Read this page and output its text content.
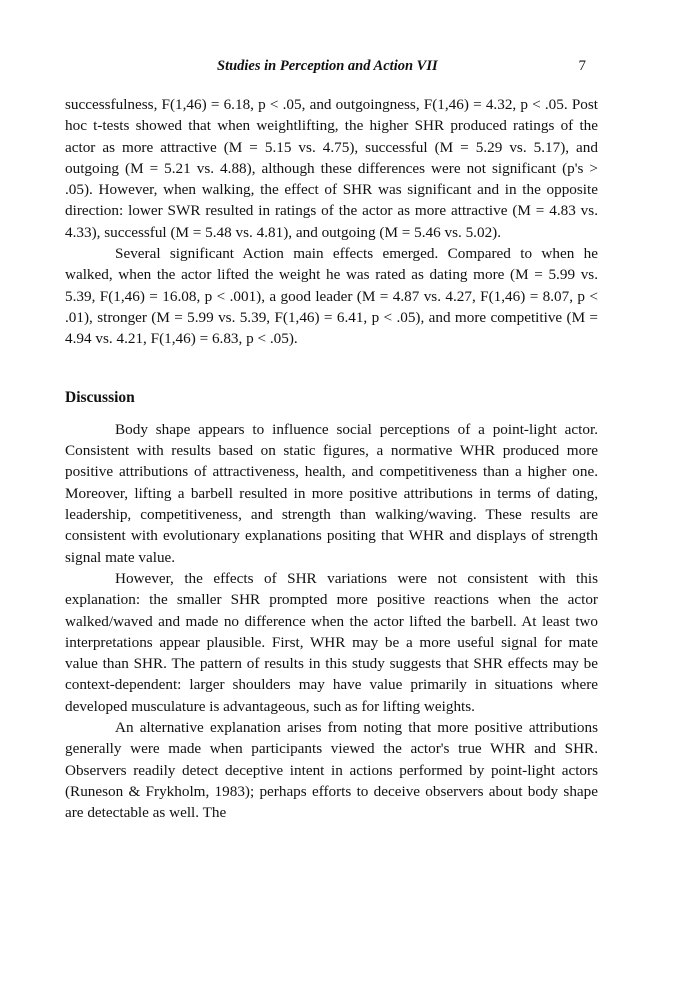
Studies in Perception and Action VII	7

successfulness, F(1,46) = 6.18, p < .05, and outgoingness, F(1,46) = 4.32, p < .05. Post hoc t-tests showed that when weightlifting, the higher SHR produced ratings of the actor as more attractive (M = 5.15 vs. 4.75), successful (M = 5.29 vs. 5.17), and outgoing (M = 5.21 vs. 4.88), although these differences were not significant (p's > .05). However, when walking, the effect of SHR was significant and in the opposite direction: lower SWR resulted in ratings of the actor as more attractive (M = 4.83 vs. 4.33), successful (M = 5.48 vs. 4.81), and outgoing (M = 5.46 vs. 5.02).

Several significant Action main effects emerged. Compared to when he walked, when the actor lifted the weight he was rated as dating more (M = 5.99 vs. 5.39, F(1,46) = 16.08, p < .001), a good leader (M = 4.87 vs. 4.27, F(1,46) = 8.07, p < .01), stronger (M = 5.99 vs. 5.39, F(1,46) = 6.41, p < .05), and more competitive (M = 4.94 vs. 4.21, F(1,46) = 6.83, p < .05).

Discussion

Body shape appears to influence social perceptions of a point-light actor. Consistent with results based on static figures, a normative WHR produced more positive attributions of attractiveness, health, and competitiveness than a higher one. Moreover, lifting a barbell resulted in more positive attributions in terms of dating, leadership, competitiveness, and strength than walking/waving. These results are consistent with evolutionary explanations positing that WHR and displays of strength signal mate value.

However, the effects of SHR variations were not consistent with this explanation: the smaller SHR prompted more positive reactions when the actor walked/waved and made no difference when the actor lifted the barbell. At least two interpretations appear plausible. First, WHR may be a more useful signal for mate value than SHR. The pattern of results in this study suggests that SHR effects may be context-dependent: larger shoulders may have value primarily in situations where developed musculature is advantageous, such as for lifting weights.

An alternative explanation arises from noting that more positive attributions generally were made when participants viewed the actor's true WHR and SHR. Observers readily detect deceptive intent in actions performed by point-light actors (Runeson & Frykholm, 1983); perhaps efforts to deceive observers about body shape are detectable as well. The
